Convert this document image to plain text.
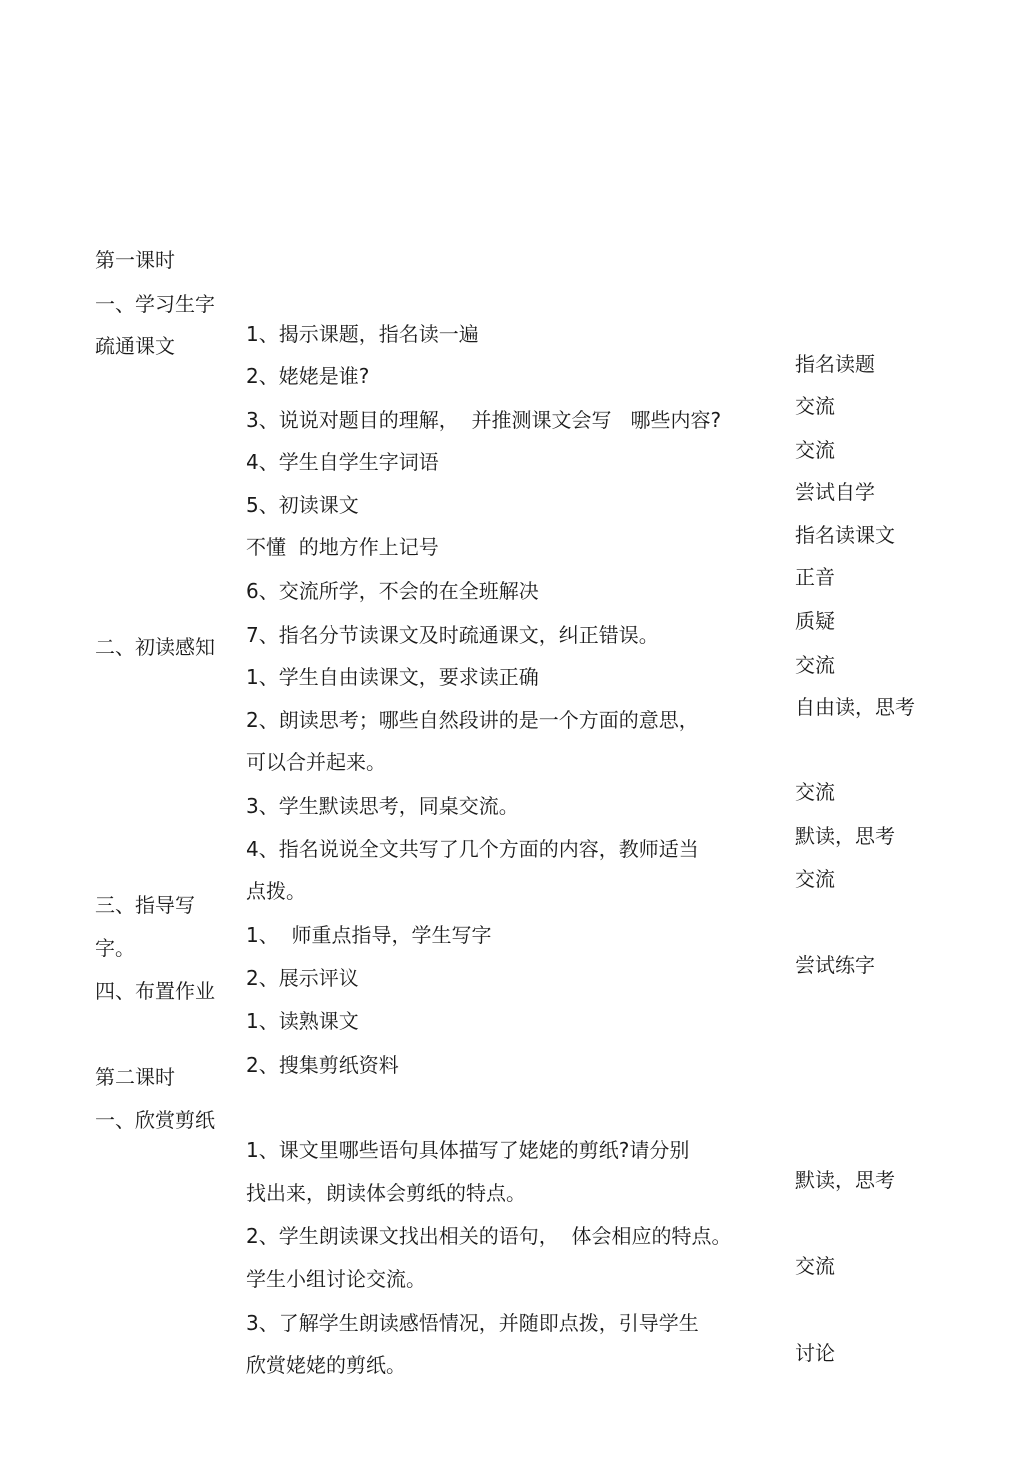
第一课时

一、学习生字

1、揭示课题，指名读一遍

指名读题

疏通课文

2、姥姥是谁?

交流

3、说说对题目的理解，  并推测课文会写   哪些内容?

交流

4、学生自学生字词语

尝试自学

5、初读课文

指名读课文

不懂  的地方作上记号

正音

6、交流所学，不会的在全班解决

质疑

7、指名分节读课文及时疏通课文，纠正错误。

交流

二、初读感知

1、学生自由读课文，要求读正确

自由读，思考

2、朗读思考；哪些自然段讲的是一个方面的意思，

可以合并起来。

交流

3、学生默读思考，同桌交流。

默读，思考

4、指名说说全文共写了几个方面的内容，教师适当

交流

点拨。

三、指导写

1、  师重点指导，学生写字

尝试练字

字。

2、展示评议

四、布置作业

1、读熟课文

2、搜集剪纸资料

第二课时

一、欣赏剪纸

1、课文里哪些语句具体描写了姥姥的剪纸?请分别

默读，思考

找出来，朗读体会剪纸的特点。

2、学生朗读课文找出相关的语句，  体会相应的特点。

交流

学生小组讨论交流。

3、了解学生朗读感悟情况，并随即点拨，引导学生

讨论

欣赏姥姥的剪纸。
